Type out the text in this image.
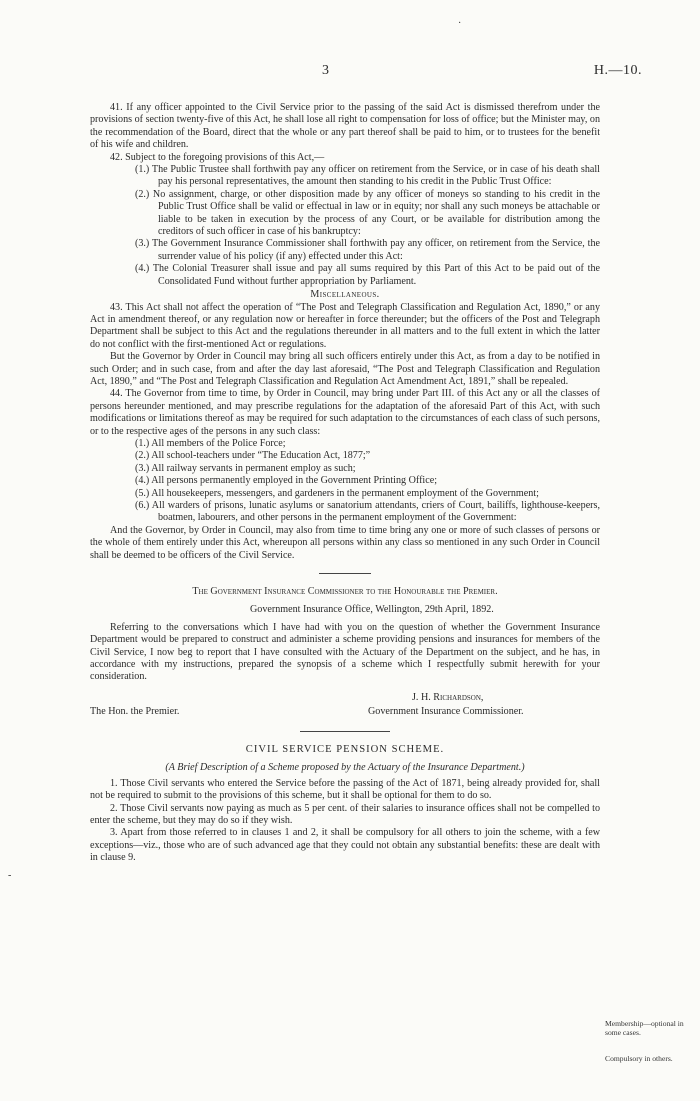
3	H.—10.
·
-

41. If any officer appointed to the Civil Service prior to the passing of the said Act is dismissed therefrom under the provisions of section twenty-five of this Act, he shall lose all right to compensation for loss of office; but the Minister may, on the recommendation of the Board, direct that the whole or any part thereof shall be paid to him, or to trustees for the benefit of his wife and children.

42. Subject to the foregoing provisions of this Act,—

(1.) The Public Trustee shall forthwith pay any officer on retirement from the Service, or in case of his death shall pay his personal representatives, the amount then standing to his credit in the Public Trust Office:

(2.) No assignment, charge, or other disposition made by any officer of moneys so standing to his credit in the Public Trust Office shall be valid or effectual in law or in equity; nor shall any such moneys be attachable or liable to be taken in execution by the process of any Court, or be available for distribution among the creditors of such officer in case of his bankruptcy:

(3.) The Government Insurance Commissioner shall forthwith pay any officer, on retirement from the Service, the surrender value of his policy (if any) effected under this Act:

(4.) The Colonial Treasurer shall issue and pay all sums required by this Part of this Act to be paid out of the Consolidated Fund without further appropriation by Parliament.

Miscellaneous.

43. This Act shall not affect the operation of “The Post and Telegraph Classification and Regulation Act, 1890,” or any Act in amendment thereof, or any regulation now or hereafter in force thereunder; but the officers of the Post and Telegraph Department shall be subject to this Act and the regulations thereunder in all matters and to the full extent in which the latter do not conflict with the first-mentioned Act or regulations.

But the Governor by Order in Council may bring all such officers entirely under this Act, as from a day to be notified in such Order; and in such case, from and after the day last aforesaid, “The Post and Telegraph Classification and Regulation Act, 1890,” and “The Post and Telegraph Classification and Regulation Act Amendment Act, 1891,” shall be repealed.

44. The Governor from time to time, by Order in Council, may bring under Part III. of this Act any or all the classes of persons hereunder mentioned, and may prescribe regulations for the adaptation of the aforesaid Part of this Act, with such modifications or limitations thereof as may be required for such adaptation to the circumstances of each class of such persons, or to the respective ages of the persons in any such class:

(1.) All members of the Police Force;

(2.) All school-teachers under “The Education Act, 1877;”

(3.) All railway servants in permanent employ as such;

(4.) All persons permanently employed in the Government Printing Office;

(5.) All housekeepers, messengers, and gardeners in the permanent employment of the Government;

(6.) All warders of prisons, lunatic asylums or sanatorium attendants, criers of Court, bailiffs, lighthouse-keepers, boatmen, labourers, and other persons in the permanent employment of the Government:

And the Governor, by Order in Council, may also from time to time bring any one or more of such classes of persons or the whole of them entirely under this Act, whereupon all persons within any class so mentioned in any such Order in Council shall be deemed to be officers of the Civil Service.

The Government Insurance Commissioner to the Honourable the Premier.

Government Insurance Office, Wellington, 29th April, 1892.

Referring to the conversations which I have had with you on the question of whether the Government Insurance Department would be prepared to construct and administer a scheme providing pensions and insurances for members of the Civil Service, I now beg to report that I have consulted with the Actuary of the Department on the subject, and he has, in accordance with my instructions, prepared the synopsis of a scheme which I respectfully submit herewith for your consideration.

J. H. Richardson,
The Hon. the Premier.	Government Insurance Commissioner.

CIVIL SERVICE PENSION SCHEME.

(A Brief Description of a Scheme proposed by the Actuary of the Insurance Department.)

1. Those Civil servants who entered the Service before the passing of the Act of 1871, being already provided for, shall not be required to submit to the provisions of this scheme, but it shall be optional for them to do so.

2. Those Civil servants now paying as much as 5 per cent. of their salaries to insurance offices shall not be compelled to enter the scheme, but they may do so if they wish.

3. Apart from those referred to in clauses 1 and 2, it shall be compulsory for all others to join the scheme, with a few exceptions—viz., those who are of such advanced age that they could not obtain any substantial benefits: these are dealt with in clause 9.

Membership—optional in some cases.
Compulsory in others.
